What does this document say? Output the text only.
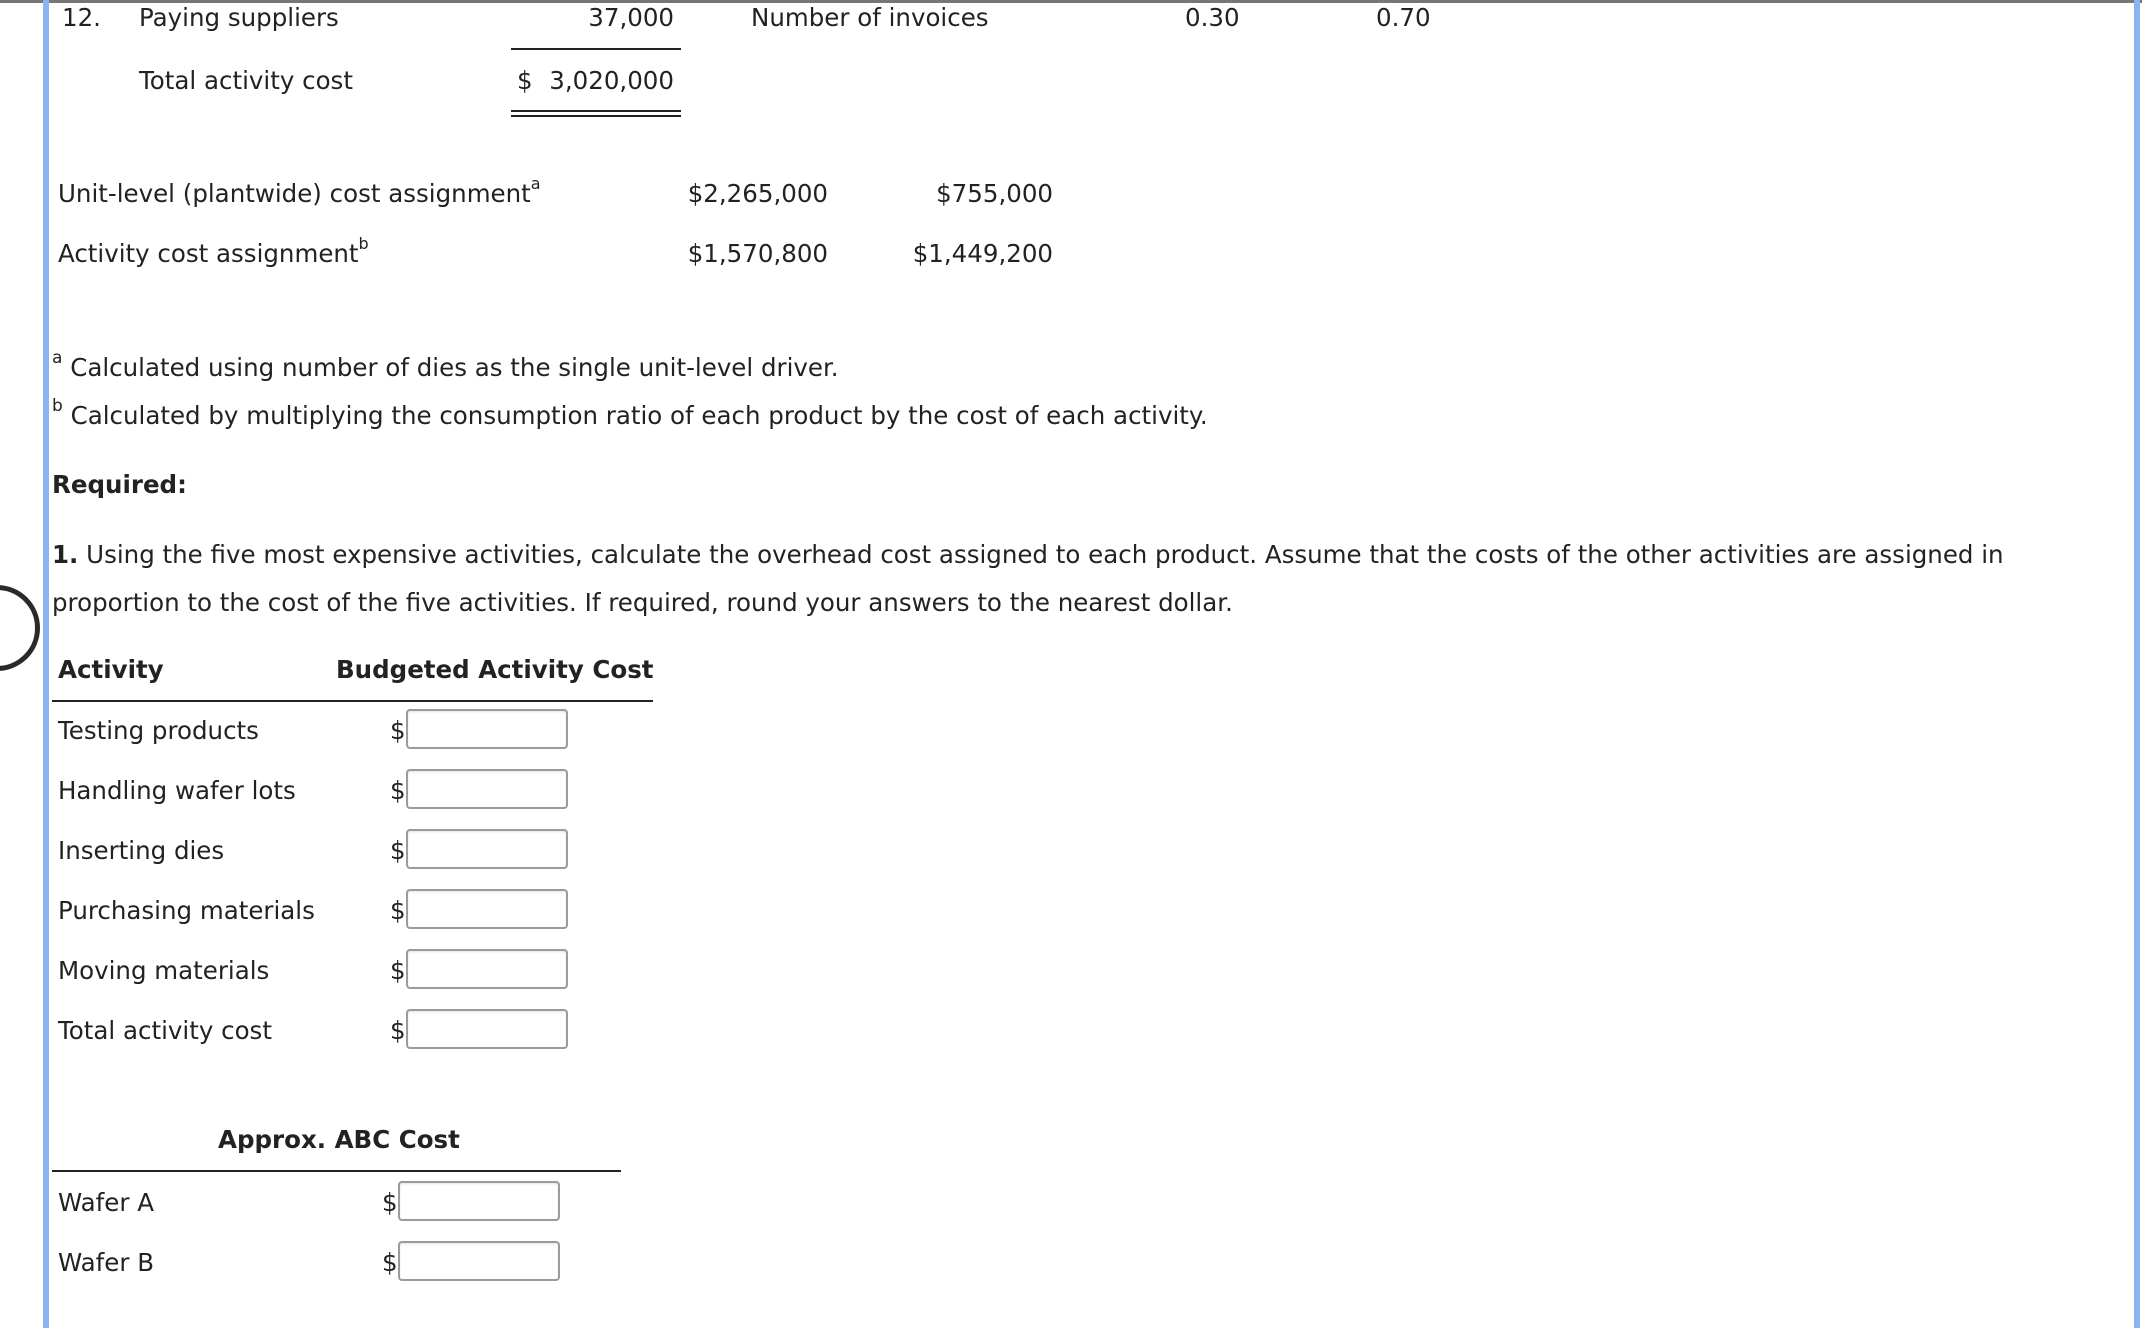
12. Paying suppliers	37,000	Number of invoices	0.30	0.70
Total activity cost	$ 3,020,000
Unit-level (plantwide) cost assignment$^a$	$2,265,000	$755,000
Activity cost assignment$^b$	$1,570,800	$1,449,200
$^a$ Calculated using number of dies as the single unit-level driver.
$^b$ Calculated by multiplying the consumption ratio of each product by the cost of each activity.
Required:
1. Using the five most expensive activities, calculate the overhead cost assigned to each product. Assume that the costs of the other activities are assigned in proportion to the cost of the five activities. If required, round your answers to the nearest dollar.
Activity	Budgeted Activity Cost
Testing products	$
Handling wafer lots	$
Inserting dies	$
Purchasing materials	$
Moving materials	$
Total activity cost	$
Approx. ABC Cost
Wafer A	$
Wafer B	$
